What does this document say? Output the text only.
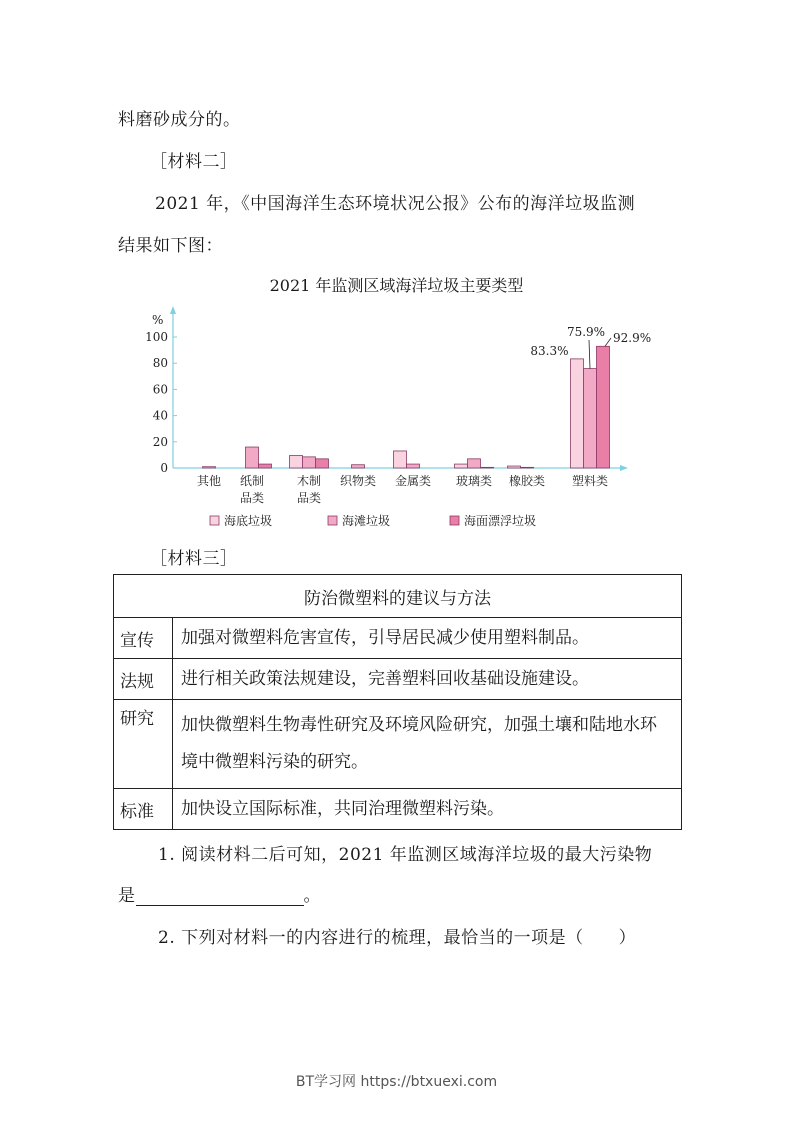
料磨砂成分的。
［材料二］
2021 年，《中国海洋生态环境状况公报》公布的海洋垃圾监测
结果如下图：
2021 年监测区域海洋垃圾主要类型
%
0
20
40
60
80
100
其他 纸制
品类
木制
品类
织物类 金属类 玻璃类 橡胶类 塑料类
83.3%
75.9% 92.9%
海底垃圾	海滩垃圾	海面漂浮垃圾
［材料三］
防治微塑料的建议与方法	
宣传	加强对微塑料危害宣传，引导居民减少使用塑料制品。
法规	进行相关政策法规建设，完善塑料回收基础设施建设。
研究	加快微塑料生物毒性研究及环境风险研究，加强土壤和陆地水环境中微塑料污染的研究。
标准	加快设立国际标准，共同治理微塑料污染。
1. 阅读材料二后可知，2021 年监测区域海洋垃圾的最大污染物
是	。
2. 下列对材料一的内容进行的梳理，最恰当的一项是（　　）
BT学习网 https://btxuexi.com
